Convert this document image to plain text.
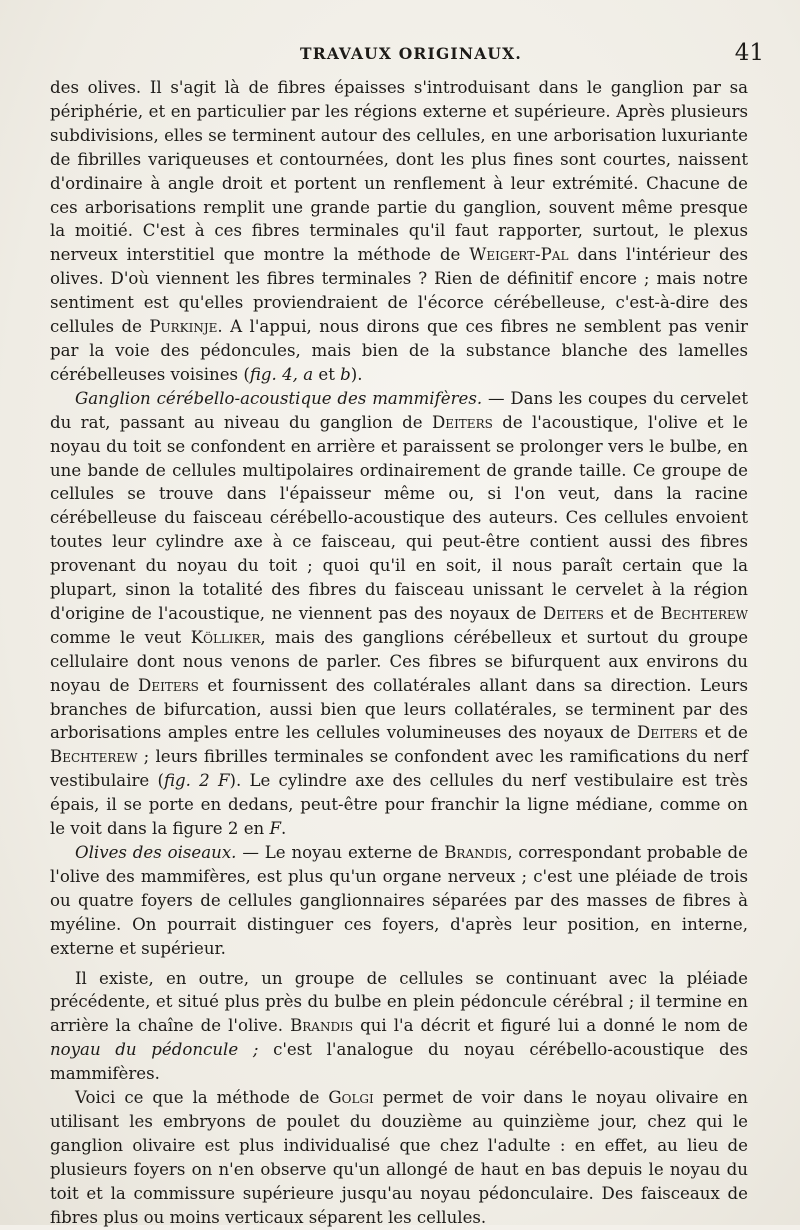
TRAVAUX ORIGINAUX.	41

des olives. Il s'agit là de fibres épaisses s'introduisant dans le ganglion par sa périphérie, et en particulier par les régions externe et supérieure. Après plusieurs subdivisions, elles se terminent autour des cellules, en une arborisation luxuriante de fibrilles variqueuses et contournées, dont les plus fines sont courtes, naissent d'ordinaire à angle droit et portent un renflement à leur extrémité. Chacune de ces arborisations remplit une grande partie du ganglion, souvent même presque la moitié. C'est à ces fibres terminales qu'il faut rapporter, surtout, le plexus nerveux interstitiel que montre la méthode de Weigert-Pal dans l'intérieur des olives. D'où viennent les fibres terminales ? Rien de définitif encore ; mais notre sentiment est qu'elles proviendraient de l'écorce cérébelleuse, c'est-à-dire des cellules de Purkinje. A l'appui, nous dirons que ces fibres ne semblent pas venir par la voie des pédoncules, mais bien de la substance blanche des lamelles cérébelleuses voisines (fig. 4, a et b).

Ganglion cérébello-acoustique des mammifères. — Dans les coupes du cervelet du rat, passant au niveau du ganglion de Deiters de l'acoustique, l'olive et le noyau du toit se confondent en arrière et paraissent se prolonger vers le bulbe, en une bande de cellules multipolaires ordinairement de grande taille. Ce groupe de cellules se trouve dans l'épaisseur même ou, si l'on veut, dans la racine cérébelleuse du faisceau cérébello-acoustique des auteurs. Ces cellules envoient toutes leur cylindre axe à ce faisceau, qui peut-être contient aussi des fibres provenant du noyau du toit ; quoi qu'il en soit, il nous paraît certain que la plupart, sinon la totalité des fibres du faisceau unissant le cervelet à la région d'origine de l'acoustique, ne viennent pas des noyaux de Deiters et de Bechterew comme le veut Kölliker, mais des ganglions cérébelleux et surtout du groupe cellulaire dont nous venons de parler. Ces fibres se bifurquent aux environs du noyau de Deiters et fournissent des collatérales allant dans sa direction. Leurs branches de bifurcation, aussi bien que leurs collatérales, se terminent par des arborisations amples entre les cellules volumineuses des noyaux de Deiters et de Bechterew ; leurs fibrilles terminales se confondent avec les ramifications du nerf vestibulaire (fig. 2 F). Le cylindre axe des cellules du nerf vestibulaire est très épais, il se porte en dedans, peut-être pour franchir la ligne médiane, comme on le voit dans la figure 2 en F.

Olives des oiseaux. — Le noyau externe de Brandis, correspondant probable de l'olive des mammifères, est plus qu'un organe nerveux ; c'est une pléiade de trois ou quatre foyers de cellules ganglionnaires séparées par des masses de fibres à myéline. On pourrait distinguer ces foyers, d'après leur position, en interne, externe et supérieur.

Il existe, en outre, un groupe de cellules se continuant avec la pléiade précédente, et situé plus près du bulbe en plein pédoncule cérébral ; il termine en arrière la chaîne de l'olive. Brandis qui l'a décrit et figuré lui a donné le nom de noyau du pédoncule ; c'est l'analogue du noyau cérébello-acoustique des mammifères.

Voici ce que la méthode de Golgi permet de voir dans le noyau olivaire en utilisant les embryons de poulet du douzième au quinzième jour, chez qui le ganglion olivaire est plus individualisé que chez l'adulte : en effet, au lieu de plusieurs foyers on n'en observe qu'un allongé de haut en bas depuis le noyau du toit et la commissure supérieure jusqu'au noyau pédonculaire. Des faisceaux de fibres plus ou moins verticaux séparent les cellules.
